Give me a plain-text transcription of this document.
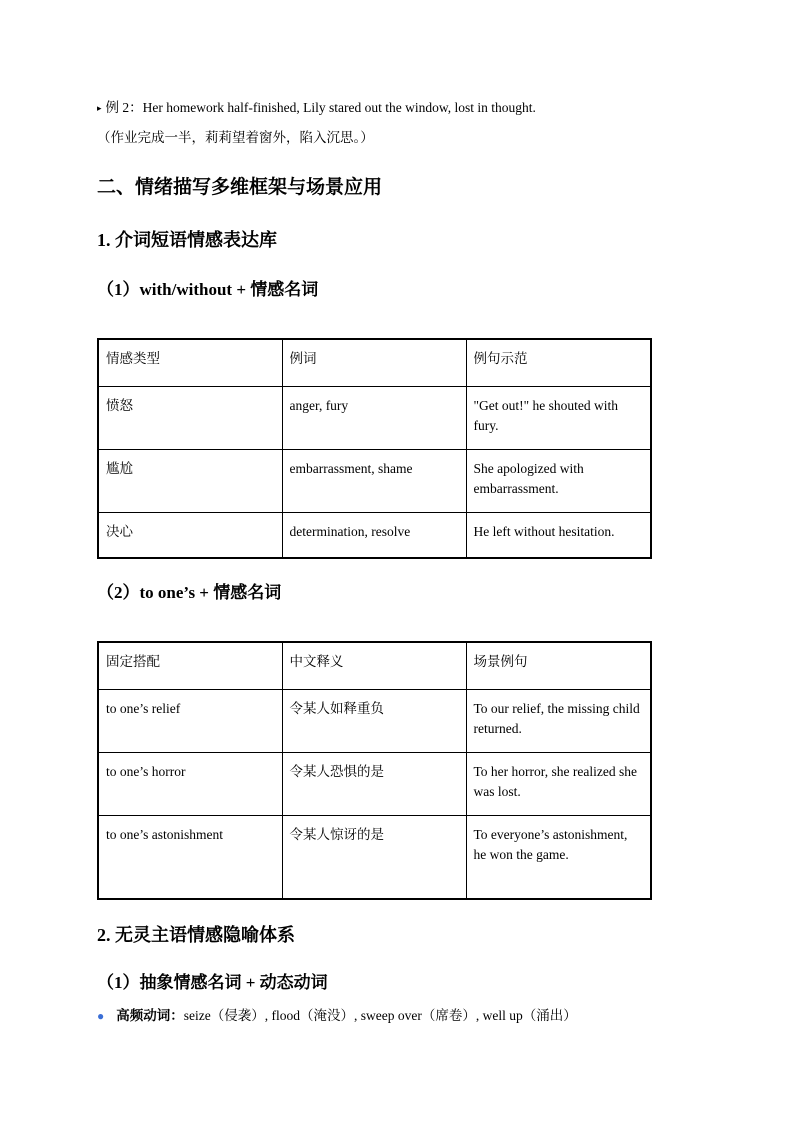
▸ 例 2：Her homework half-finished, Lily stared out the window, lost in thought.
（作业完成一半，莉莉望着窗外，陷入沉思。）
二、情绪描写多维框架与场景应用
1. 介词短语情感表达库
（1）with/without + 情感名词
情感类型	例词	例句示范
愤怒	anger, fury	"Get out!" he shouted with fury.
尴尬	embarrassment, shame	She apologized with embarrassment.
决心	determination, resolve	He left without hesitation.
（2）to one’s + 情感名词
固定搭配	中文释义	场景例句
to one’s relief	令某人如释重负	To our relief, the missing child returned.
to one’s horror	令某人恐惧的是	To her horror, she realized she was lost.
to one’s astonishment	令某人惊讶的是	To everyone’s astonishment, he won the game.
2. 无灵主语情感隐喻体系
（1）抽象情感名词 + 动态动词
● 高频动词：seize（侵袭）, flood（淹没）, sweep over（席卷）, well up（涌出）
